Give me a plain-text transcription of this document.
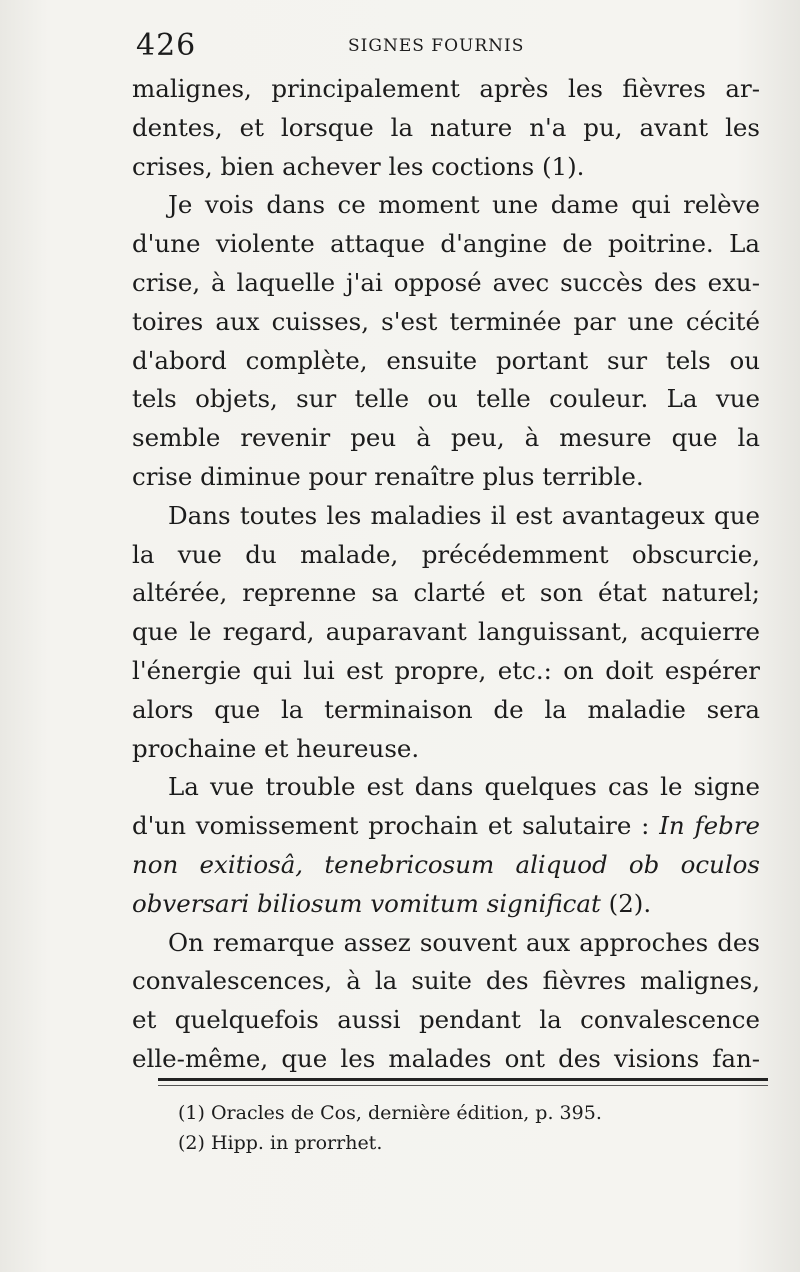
426	SIGNES FOURNIS
malignes, principalement après les fièvres ar-
dentes, et lorsque la nature n'a pu, avant les
crises, bien achever les coctions (1).
Je vois dans ce moment une dame qui relève
d'une violente attaque d'angine de poitrine. La
crise, à laquelle j'ai opposé avec succès des exu-
toires aux cuisses, s'est terminée par une cécité
d'abord complète, ensuite portant sur tels ou
tels objets, sur telle ou telle couleur. La vue
semble revenir peu à peu, à mesure que la
crise diminue pour renaître plus terrible.
Dans toutes les maladies il est avantageux que
la vue du malade, précédemment obscurcie,
altérée, reprenne sa clarté et son état naturel;
que le regard, auparavant languissant, acquierre
l'énergie qui lui est propre, etc.: on doit espérer
alors que la terminaison de la maladie sera
prochaine et heureuse.
La vue trouble est dans quelques cas le signe
d'un vomissement prochain et salutaire : In febre
non exitiosâ, tenebricosum aliquod ob oculos
obversari biliosum vomitum significat (2).
On remarque assez souvent aux approches des
convalescences, à la suite des fièvres malignes,
et quelquefois aussi pendant la convalescence
elle-même, que les malades ont des visions fan-
(1) Oracles de Cos, dernière édition, p. 395.
(2) Hipp. in prorrhet.
